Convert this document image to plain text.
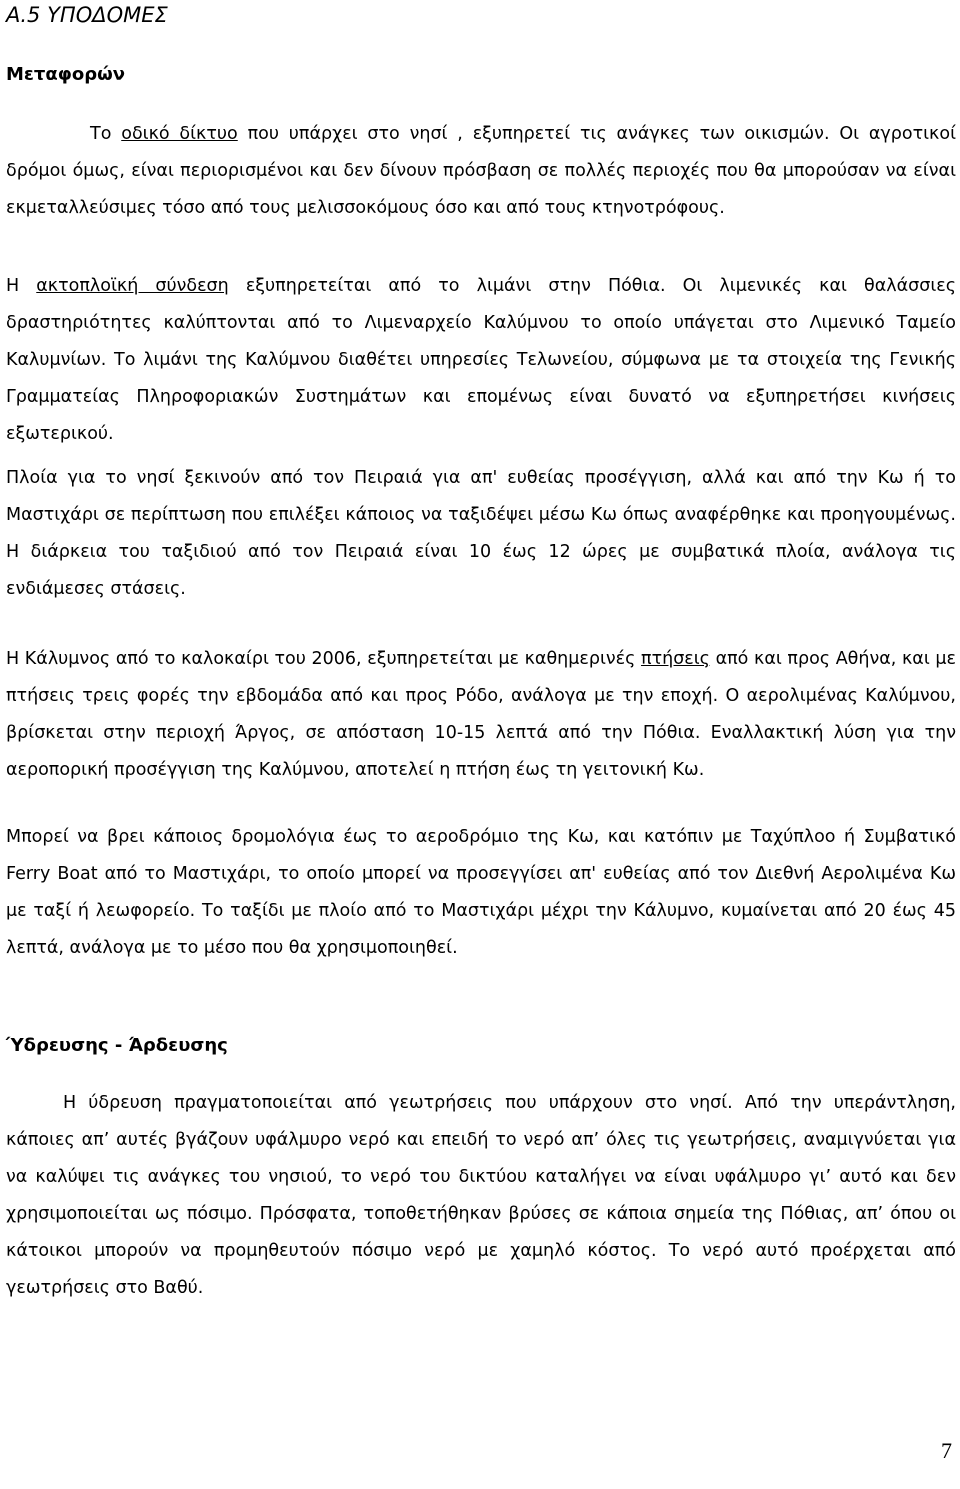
Α.5 ΥΠΟΔΟΜΕΣ
Μεταφορών

Το οδικό δίκτυο που υπάρχει στο νησί , εξυπηρετεί τις ανάγκες των οικισμών. Οι αγροτικοί δρόμοι όμως, είναι περιορισμένοι και δεν δίνουν πρόσβαση σε πολλές περιοχές που θα μπορούσαν να είναι εκμεταλλεύσιμες τόσο από τους μελισσοκόμους όσο και από τους κτηνοτρόφους.

Η ακτοπλοϊκή σύνδεση εξυπηρετείται από το λιμάνι στην Πόθια. Οι λιμενικές και θαλάσσιες δραστηριότητες καλύπτονται από το Λιμεναρχείο Καλύμνου το οποίο υπάγεται στο Λιμενικό Ταμείο Καλυμνίων. Το λιμάνι της Καλύμνου διαθέτει υπηρεσίες Τελωνείου, σύμφωνα με τα στοιχεία της Γενικής Γραμματείας Πληροφοριακών Συστημάτων και επομένως είναι δυνατό να εξυπηρετήσει κινήσεις εξωτερικού.

Πλοία για το νησί ξεκινούν από τον Πειραιά για απ' ευθείας προσέγγιση, αλλά και από την Κω ή το Μαστιχάρι σε περίπτωση που επιλέξει κάποιος να ταξιδέψει μέσω Κω όπως αναφέρθηκε και προηγουμένως. Η διάρκεια του ταξιδιού από τον Πειραιά είναι 10 έως 12 ώρες με συμβατικά πλοία, ανάλογα τις ενδιάμεσες στάσεις.

Η Κάλυμνος από το καλοκαίρι του 2006, εξυπηρετείται με καθημερινές πτήσεις από και προς Αθήνα, και με πτήσεις τρεις φορές την εβδομάδα από και προς Ρόδο, ανάλογα με την εποχή. Ο αερολιμένας Καλύμνου, βρίσκεται στην περιοχή Άργος, σε απόσταση 10-15 λεπτά από την Πόθια. Εναλλακτική λύση για την αεροπορική προσέγγιση της Καλύμνου, αποτελεί η πτήση έως τη γειτονική Κω.

Μπορεί να βρει κάποιος δρομολόγια έως το αεροδρόμιο της Κω, και κατόπιν με Ταχύπλοο ή Συμβατικό Ferry Boat από το Μαστιχάρι, το οποίο μπορεί να προσεγγίσει απ' ευθείας από τον Διεθνή Αερολιμένα Κω με ταξί ή λεωφορείο. Το ταξίδι με πλοίο από το Μαστιχάρι μέχρι την Κάλυμνο, κυμαίνεται από 20 έως 45 λεπτά, ανάλογα με το μέσο που θα χρησιμοποιηθεί.

Ύδρευσης - Άρδευσης

Η ύδρευση πραγματοποιείται από γεωτρήσεις που υπάρχουν στο νησί. Από την υπεράντληση, κάποιες απ’ αυτές βγάζουν υφάλμυρο νερό και επειδή το νερό απ’ όλες τις γεωτρήσεις, αναμιγνύεται για να καλύψει τις ανάγκες του νησιού, το νερό του δικτύου καταλήγει να είναι υφάλμυρο γι’ αυτό και δεν χρησιμοποιείται ως πόσιμο. Πρόσφατα, τοποθετήθηκαν βρύσες σε κάποια σημεία της Πόθιας, απ’ όπου οι κάτοικοι μπορούν να προμηθευτούν πόσιμο νερό με χαμηλό κόστος. Το νερό αυτό προέρχεται από γεωτρήσεις στο Βαθύ.

7
